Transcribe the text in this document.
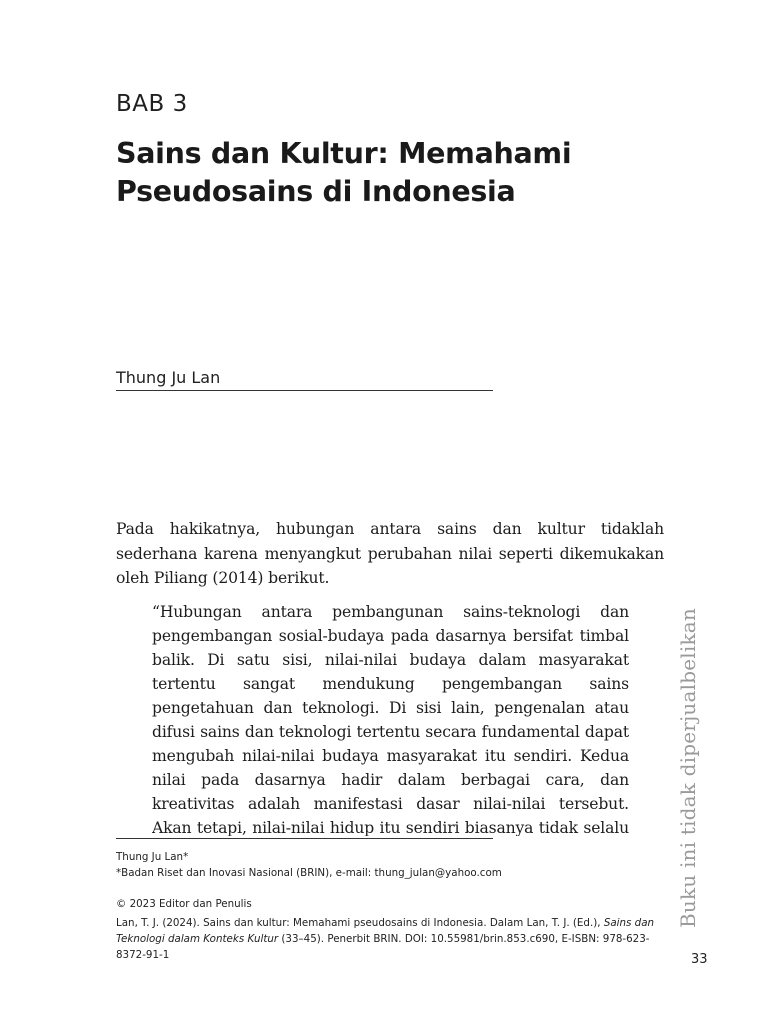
BAB 3
Sains dan Kultur: Memahami Pseudosains di Indonesia
Thung Ju Lan

Pada hakikatnya, hubungan antara sains dan kultur tidaklah sederhana karena menyangkut perubahan nilai seperti dikemukakan oleh Piliang (2014) berikut.

“Hubungan antara pembangunan sains-teknologi dan pengembangan sosial-budaya pada dasarnya bersifat timbal balik. Di satu sisi, nilai-nilai budaya dalam masyarakat tertentu sangat mendukung pengembangan sains pengetahuan dan teknologi. Di sisi lain, pengenalan atau difusi sains dan teknologi tertentu secara fundamental dapat mengubah nilai-nilai budaya masyarakat itu sendiri. Kedua nilai pada dasarnya hadir dalam berbagai cara, dan kreativitas adalah manifestasi dasar nilai-nilai tersebut. Akan tetapi, nilai-nilai hidup itu sendiri biasanya tidak selalu

Thung Ju Lan*
*Badan Riset dan Inovasi Nasional (BRIN), e-mail: thung_julan@yahoo.com
© 2023 Editor dan Penulis
Lan, T. J. (2024). Sains dan kultur: Memahami pseudosains di Indonesia. Dalam Lan, T. J. (Ed.), Sains dan Teknologi dalam Konteks Kultur (33–45). Penerbit BRIN. DOI: 10.55981/brin.853.c690, E-ISBN: 978-623-8372-91-1
Buku ini tidak diperjualbelikan
33
